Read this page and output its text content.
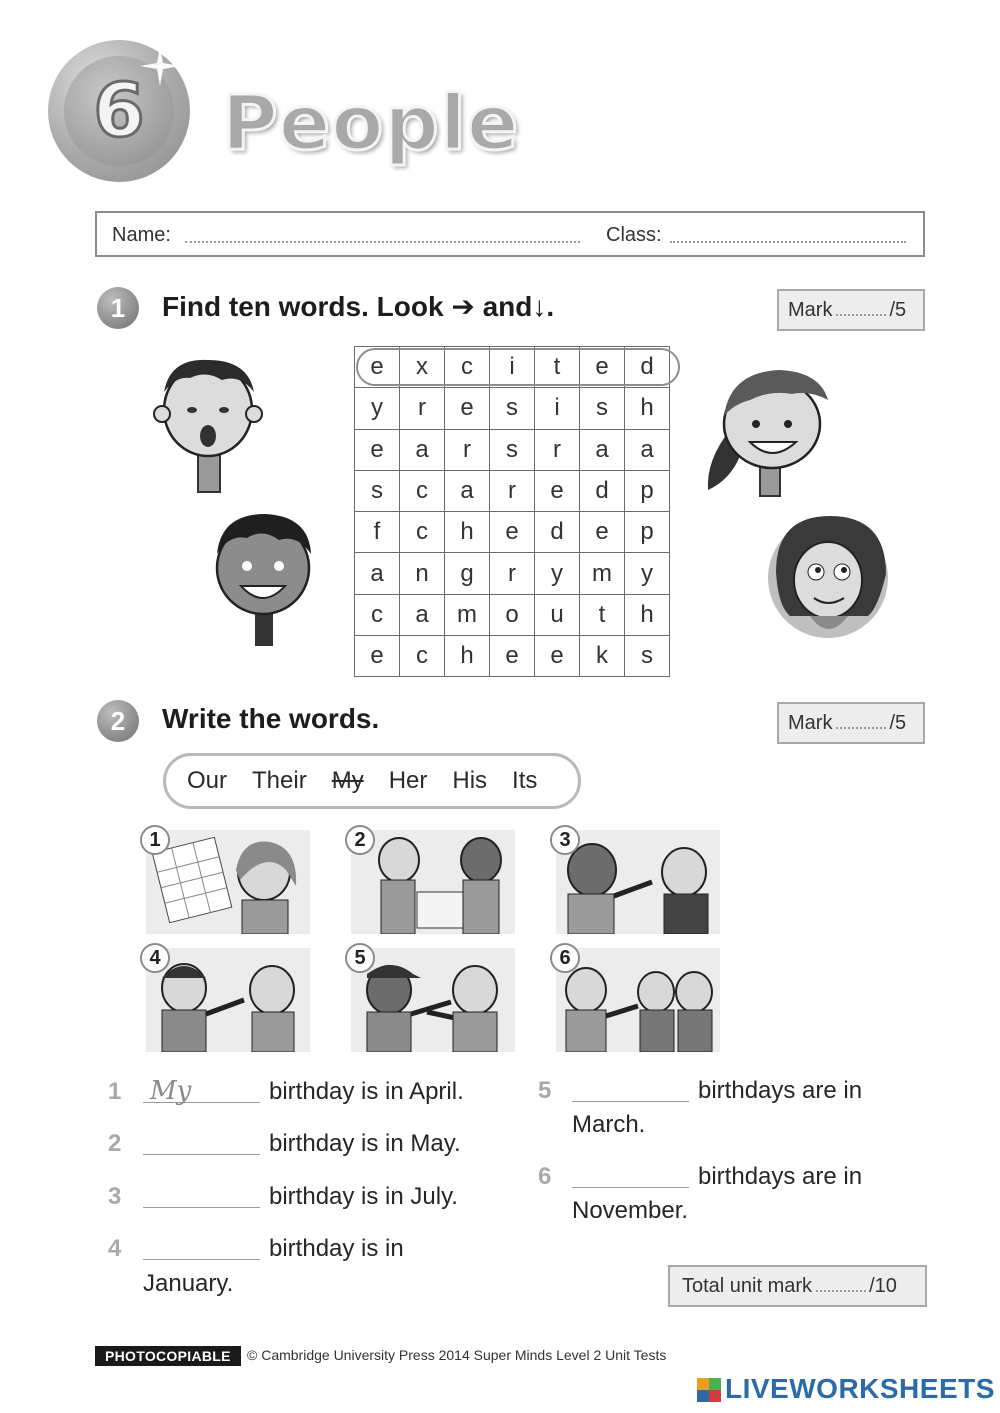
6 People
Name:	Class:
1	Find ten words. Look ➔ and↓.	Mark	/5
e	x	c	i	t	e	d
y	r	e	s	i	s	h
e	a	r	s	r	a	a
s	c	a	r	e	d	p
f	c	h	e	d	e	p
a	n	g	r	y	m	y
c	a	m	o	u	t	h
e	c	h	e	e	k	s
2	Write the words.	Mark	/5
Our Their My Her His Its
1	2	3
4	5	6
1 My	birthday is in April.
2	birthday is in May.
3	birthday is in July.
4	birthday is in
January.
5	birthdays are in
March.
6	birthdays are in
November.
Total unit mark	/10
PHOTOCOPIABLE	© Cambridge University Press 2014 Super Minds Level 2 Unit Tests
LIVEWORKSHEETS
